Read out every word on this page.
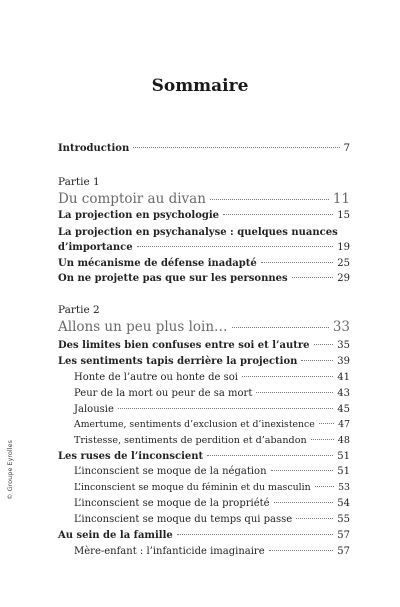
Sommaire
Introduction	7
Partie 1
Du comptoir au divan	11
La projection en psychologie	15
La projection en psychanalyse : quelques nuances
d’importance	19
Un mécanisme de défense inadapté	25
On ne projette pas que sur les personnes	29
Partie 2
Allons un peu plus loin…	33
Des limites bien confuses entre soi et l’autre	35
Les sentiments tapis derrière la projection	39
Honte de l’autre ou honte de soi	41
Peur de la mort ou peur de sa mort	43
Jalousie	45
Amertume, sentiments d’exclusion et d’inexistence	47
Tristesse, sentiments de perdition et d’abandon	48
Les ruses de l’inconscient	51
L’inconscient se moque de la négation	51
L’inconscient se moque du féminin et du masculin	53
L’inconscient se moque de la propriété	54
L’inconscient se moque du temps qui passe	55
Au sein de la famille	57
Mère-enfant : l’infanticide imaginaire	57
© Groupe Eyrolles
